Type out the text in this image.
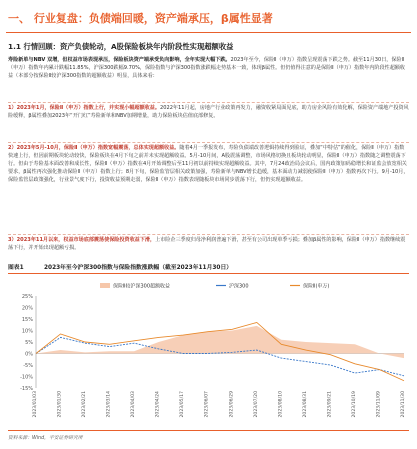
一、 行业复盘：负债端回暖，资产端承压，β属性显著
1.1 行情回顾：资产负债轮动，A股保险板块年内阶段性实现超额收益

寿险新单与NBV 双增，但权益市场表现承压，保险板块资产端承受负向影响，全年实现大幅下跌。2023年至今，保险Ⅱ（申万）指数呈现震荡下跌之势。截至11月30日，保险Ⅱ（申万）指数年内累计跌幅11.85%，沪深300跌幅9.70%，保险指数与沪深300指数涨跌幅走势基本一致，体现β属性。但仍值得注意的是保险Ⅱ（申万）指数年内阶段性超额收益（本部分按保险Ⅱ较沪深300指数的超额收益）明显，具体来看：

1）2023年1月，保险Ⅱ（申万）指数上行，并实现小幅超额收益。2022年11月起，房地产行业政策再发力，融资收紧局面见底，助力房企风险有效化解，保险资产端地产投资风险缓释，β属性叠加2023年“开门红”寿险新单和NBV加期增量，助力保险板块估值底部修复。

2）2023年5月-10月，保险Ⅱ（申万）指数宽幅震荡，总体实现超额收益。随着4月一季报发布，寿险负债端改善逻辑持续得到验证，叠加“中特估”的催化，保险Ⅱ（申万）指数快速上行，但因前期板块轮动较快，保险板块在4月下旬之前并未实现超额收益。5月-10月间，A股震荡调整，市场风格切换且板块轮动明显，保险Ⅱ（申万）指数随之调整震荡下行。但由于寿险基本面改善和成长性，保险Ⅱ（申万）指数在4月开始调整后至11月初以前持续实现超额收益。其中，7月24政治局会议后，国内政策加码稳增长和证监会放宽相关要求，β属性再次强化推动保险Ⅱ（申万）指数上行；8月下旬，保险监管层相关政策加强，寿险新单与NBV增长趋缓，基本面动力减弱使保险Ⅱ（申万）指数再次下行。9月-10月，保险监管层政策强化，行业景气度下行，投资收益预期走弱，保险Ⅱ（申万）指数表现随板块市场同步震荡下行，但仍实现超额收益。

3）2023年11月以来，权益市场底部震荡使保险投资收益下滑，上市险企三季度归母净利润普遍下滑，甚至有公司出现单季亏损；叠加β属性的影响，保险Ⅱ（申万）指数继续震荡下行，并开始出现超额亏损。

图表1	2023年至今沪深300指数与保险指数涨跌幅（截至2023年11月30日）
25%
20%
15%
10%
5%
0%
-5%
-10%
-15%
2023/01/03	2023/01/30	2023/02/21	2023/03/14	2023/04/03	2023/04/24	2023/05/17	2023/06/07	2023/06/29	2023/07/20	2023/08/10	2023/08/31	2023/09/21	2023/10/19	2023/11/09	2023/11/30
保险Ⅱ较沪深300超额收益	沪深300	保险Ⅱ(申万)
资料来源：Wind，平安证券研究所
